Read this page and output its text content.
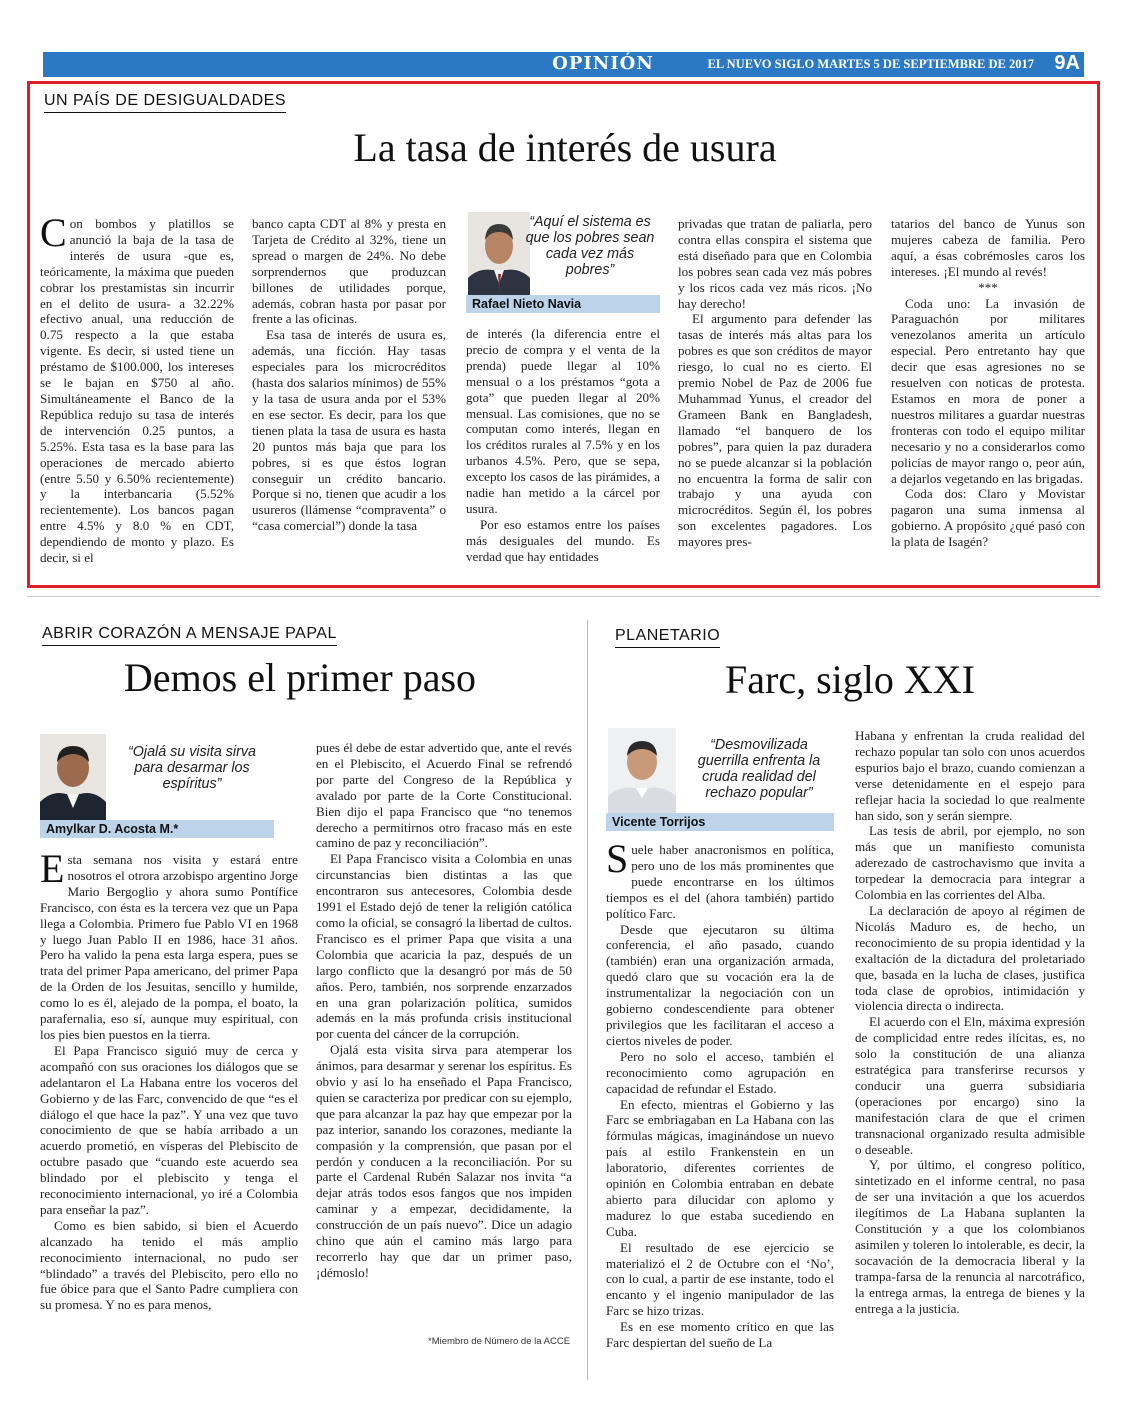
OPINIÓN	EL NUEVO SIGLO MARTES 5 DE SEPTIEMBRE DE 2017 9A
UN PAÍS DE DESIGUALDADES
La tasa de interés de usura

Con bombos y platillos se anunció la baja de la tasa de interés de usura -que es, teóricamente, la máxima que pueden cobrar los prestamistas sin incurrir en el delito de usura- a 32.22% efectivo anual, una reducción de 0.75 respecto a la que estaba vigente. Es decir, si usted tiene un préstamo de $100.000, los intereses se le bajan en $750 al año. Simultáneamente el Banco de la República redujo su tasa de interés de intervención 0.25 puntos, a 5.25%. Esta tasa es la base para las operaciones de mercado abierto (entre 5.50 y 6.50% recientemente) y la interbancaria (5.52% recientemente). Los bancos pagan entre 4.5% y 8.0 % en CDT, dependiendo de monto y plazo. Es decir, si el

banco capta CDT al 8% y presta en Tarjeta de Crédito al 32%, tiene un spread o margen de 24%. No debe sorprendernos que produzcan billones de utilidades porque, además, cobran hasta por pasar por frente a las oficinas.

Esa tasa de interés de usura es, además, una ficción. Hay tasas especiales para los microcréditos (hasta dos salarios mínimos) de 55% y la tasa de usura anda por el 53% en ese sector. Es decir, para los que tienen plata la tasa de usura es hasta 20 puntos más baja que para los pobres, si es que éstos logran conseguir un crédito bancario. Porque si no, tienen que acudir a los usureros (llámense “compraventa” o “casa comercial”) donde la tasa

“Aquí el sistema es que los pobres sean cada vez más pobres”
Rafael Nieto Navia

de interés (la diferencia entre el precio de compra y el venta de la prenda) puede llegar al 10% mensual o a los préstamos “gota a gota” que pueden llegar al 20% mensual. Las comisiones, que no se computan como interés, llegan en los créditos rurales al 7.5% y en los urbanos 4.5%. Pero, que se sepa, excepto los casos de las pirámides, a nadie han metido a la cárcel por usura.

Por eso estamos entre los países más desiguales del mundo. Es verdad que hay entidades

privadas que tratan de paliarla, pero contra ellas conspira el sistema que está diseñado para que en Colombia los pobres sean cada vez más pobres y los ricos cada vez más ricos. ¡No hay derecho!

El argumento para defender las tasas de interés más altas para los pobres es que son créditos de mayor riesgo, lo cual no es cierto. El premio Nobel de Paz de 2006 fue Muhammad Yunus, el creador del Grameen Bank en Bangladesh, llamado “el banquero de los pobres”, para quien la paz duradera no se puede alcanzar si la población no encuentra la forma de salir con trabajo y una ayuda con microcréditos. Según él, los pobres son excelentes pagadores. Los mayores pres-

tatarios del banco de Yunus son mujeres cabeza de familia. Pero aquí, a ésas cobrémosles caros los intereses. ¡El mundo al revés!

***

Coda uno: La invasión de Paraguachón por militares venezolanos amerita un artículo especial. Pero entretanto hay que decir que esas agresiones no se resuelven con noticas de protesta. Estamos en mora de poner a nuestros militares a guardar nuestras fronteras con todo el equipo militar necesario y no a considerarlos como policías de mayor rango o, peor aún, a dejarlos vegetando en las brigadas.

Coda dos: Claro y Movistar pagaron una suma inmensa al gobierno. A propósito ¿qué pasó con la plata de Isagén?

ABRIR CORAZÓN A MENSAJE PAPAL
Demos el primer paso
“Ojalá su visita sirva para desarmar los espíritus”
Amylkar D. Acosta M.*

Esta semana nos visita y estará entre nosotros el otrora arzobispo argentino Jorge Mario Bergoglio y ahora sumo Pontífice Francisco, con ésta es la tercera vez que un Papa llega a Colombia. Primero fue Pablo VI en 1968 y luego Juan Pablo II en 1986, hace 31 años. Pero ha valido la pena esta larga espera, pues se trata del primer Papa americano, del primer Papa de la Orden de los Jesuitas, sencillo y humilde, como lo es él, alejado de la pompa, el boato, la parafernalia, eso sí, aunque muy espiritual, con los pies bien puestos en la tierra.

El Papa Francisco siguió muy de cerca y acompañó con sus oraciones los diálogos que se adelantaron el La Habana entre los voceros del Gobierno y de las Farc, convencido de que “es el diálogo el que hace la paz”. Y una vez que tuvo conocimiento de que se había arribado a un acuerdo prometió, en vísperas del Plebiscito de octubre pasado que “cuando este acuerdo sea blindado por el plebiscito y tenga el reconocimiento internacional, yo iré a Colombia para enseñar la paz”.

Como es bien sabido, si bien el Acuerdo alcanzado ha tenido el más amplio reconocimiento internacional, no pudo ser “blindado” a través del Plebiscito, pero ello no fue óbice para que el Santo Padre cumpliera con su promesa. Y no es para menos,

pues él debe de estar advertido que, ante el revés en el Plebiscito, el Acuerdo Final se refrendó por parte del Congreso de la República y avalado por parte de la Corte Constitucional. Bien dijo el papa Francisco que “no tenemos derecho a permitirnos otro fracaso más en este camino de paz y reconciliación”.

El Papa Francisco visita a Colombia en unas circunstancias bien distintas a las que encontraron sus antecesores, Colombia desde 1991 el Estado dejó de tener la religión católica como la oficial, se consagró la libertad de cultos. Francisco es el primer Papa que visita a una Colombia que acaricia la paz, después de un largo conflicto que la desangró por más de 50 años. Pero, también, nos sorprende enzarzados en una gran polarización política, sumidos además en la más profunda crisis institucional por cuenta del cáncer de la corrupción.

Ojalá esta visita sirva para atemperar los ánimos, para desarmar y serenar los espíritus. Es obvio y así lo ha enseñado el Papa Francisco, quien se caracteriza por predicar con su ejemplo, que para alcanzar la paz hay que empezar por la paz interior, sanando los corazones, mediante la compasión y la comprensión, que pasan por el perdón y conducen a la reconciliación. Por su parte el Cardenal Rubén Salazar nos invita “a dejar atrás todos esos fangos que nos impiden caminar y a empezar, decididamente, la construcción de un país nuevo”. Dice un adagio chino que aún el camino más largo para recorrerlo hay que dar un primer paso, ¡démoslo!

*Miembro de Número de la ACCE
PLANETARIO
Farc, siglo XXI
“Desmovilizada guerrilla enfrenta la cruda realidad del rechazo popular”
Vicente Torrijos

Suele haber anacronismos en política, pero uno de los más prominentes que puede encontrarse en los últimos tiempos es el del (ahora también) partido político Farc.

Desde que ejecutaron su última conferencia, el año pasado, cuando (también) eran una organización armada, quedó claro que su vocación era la de instrumentalizar la negociación con un gobierno condescendiente para obtener privilegios que les facilitaran el acceso a ciertos niveles de poder.

Pero no solo el acceso, también el reconocimiento como agrupación en capacidad de refundar el Estado.

En efecto, mientras el Gobierno y las Farc se embriagaban en La Habana con las fórmulas mágicas, imaginándose un nuevo país al estilo Frankenstein en un laboratorio, diferentes corrientes de opinión en Colombia entraban en debate abierto para dilucidar con aplomo y madurez lo que estaba sucediendo en Cuba.

El resultado de ese ejercicio se materializó el 2 de Octubre con el ‘No’, con lo cual, a partir de ese instante, todo el encanto y el ingenio manipulador de las Farc se hizo trizas.

Es en ese momento crítico en que las Farc despiertan del sueño de La

Habana y enfrentan la cruda realidad del rechazo popular tan solo con unos acuerdos espurios bajo el brazo, cuando comienzan a verse detenidamente en el espejo para reflejar hacia la sociedad lo que realmente han sido, son y serán siempre.

Las tesis de abril, por ejemplo, no son más que un manifiesto comunista aderezado de castrochavismo que invita a torpedear la democracia para integrar a Colombia en las corrientes del Alba.

La declaración de apoyo al régimen de Nicolás Maduro es, de hecho, un reconocimiento de su propia identidad y la exaltación de la dictadura del proletariado que, basada en la lucha de clases, justifica toda clase de oprobios, intimidación y violencia directa o indirecta.

El acuerdo con el Eln, máxima expresión de complicidad entre redes ilícitas, es, no solo la constitución de una alianza estratégica para transferirse recursos y conducir una guerra subsidiaria (operaciones por encargo) sino la manifestación clara de que el crimen transnacional organizado resulta admisible o deseable.

Y, por último, el congreso político, sintetizado en el informe central, no pasa de ser una invitación a que los acuerdos ilegítimos de La Habana suplanten la Constitución y a que los colombianos asimilen y toleren lo intolerable, es decir, la socavación de la democracia liberal y la trampa-farsa de la renuncia al narcotráfico, la entrega armas, la entrega de bienes y la entrega a la justicia.
